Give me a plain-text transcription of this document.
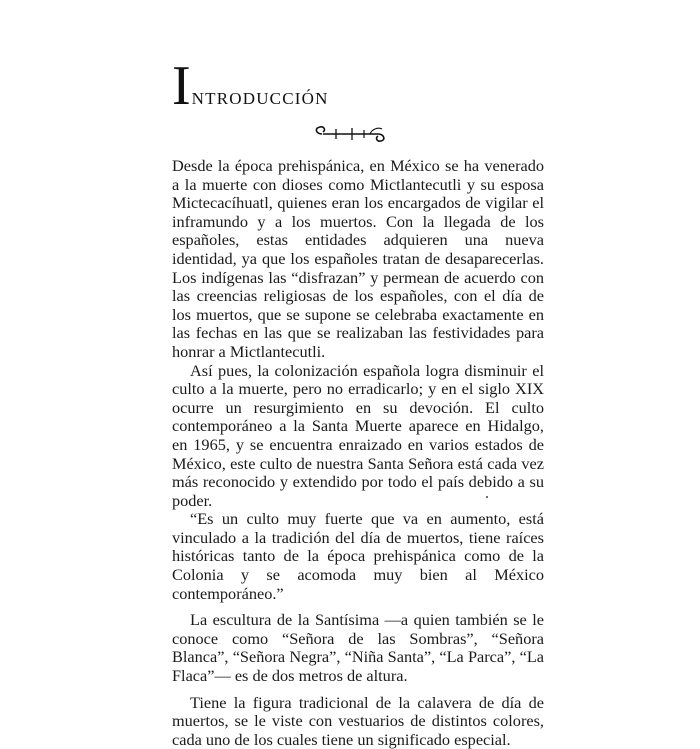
Introducción

Desde la época prehispánica, en México se ha venerado a la muerte con dioses como Mictlantecutli y su esposa Mictecacíhuatl, quienes eran los encargados de vigilar el inframundo y a los muertos. Con la llegada de los españoles, estas entidades adquieren una nueva identidad, ya que los españoles tratan de desaparecerlas. Los indígenas las “disfrazan” y permean de acuerdo con las creencias religiosas de los españoles, con el día de los muertos, que se supone se celebraba exactamente en las fechas en las que se realizaban las festividades para honrar a Mictlantecutli.

Así pues, la colonización española logra disminuir el culto a la muerte, pero no erradicarlo; y en el siglo XIX ocurre un resurgimiento en su devoción. El culto contemporáneo a la Santa Muerte aparece en Hidalgo, en 1965, y se encuentra enraizado en varios estados de México, este culto de nuestra Santa Señora está cada vez más reconocido y extendido por todo el país debido a su poder.

“Es un culto muy fuerte que va en aumento, está vinculado a la tradición del día de muertos, tiene raíces históricas tanto de la época prehispánica como de la Colonia y se acomoda muy bien al México contemporáneo.”

La escultura de la Santísima —a quien también se le conoce como “Señora de las Sombras”, “Señora Blanca”, “Señora Negra”, “Niña Santa”, “La Parca”, “La Flaca”— es de dos metros de altura.

Tiene la figura tradicional de la calavera de día de muertos, se le viste con vestuarios de distintos colores, cada uno de los cuales tiene un significado especial.
